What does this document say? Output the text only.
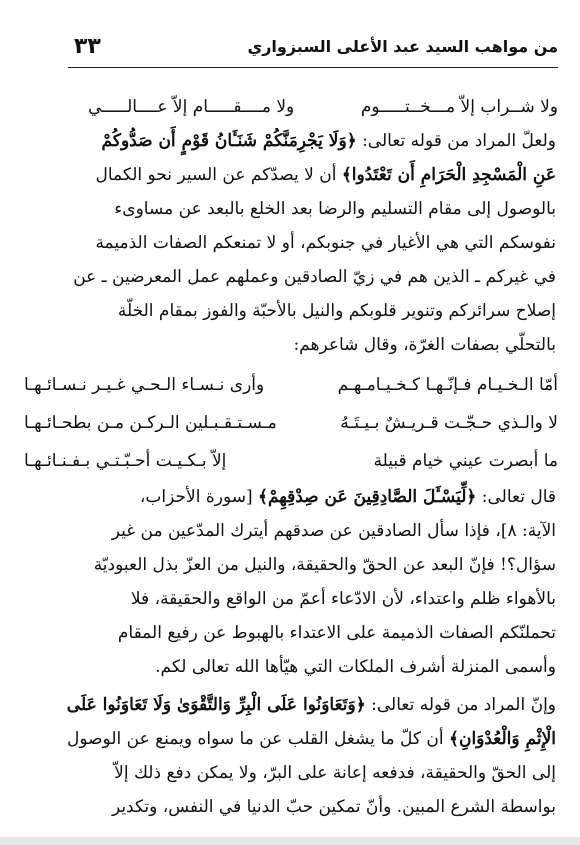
من مواهب السيد عبد الأعلى السبزواري
٣٣
ولا شــراب إلاّ مـــخــتـــــوم
ولا مــــقـــــام إلاّ عــــالـــــي
ولعلّ المراد من قوله تعالى: ﴿وَلَا يَجْرِمَنَّكُمْ شَنَـَٔانُ قَوْمٍ أَن صَدُّوكُمْ
عَنِ الْمَسْجِدِ الْحَرَامِ أَن تَعْتَدُوا﴾ أن لا يصدّكم عن السير نحو الكمال
بالوصول إلى مقام التسليم والرضا بعد الخلع بالبعد عن مساوىء
نفوسكم التي هي الأغيار في جنوبكم، أو لا تمنعكم الصفات الذميمة
في غيركم ـ الذين هم في زيّ الصادقين وعملهم عمل المعرضين ـ عن
إصلاح سرائركم وتنوير قلوبكم والنيل بالأحبّة والفوز بمقام الخلّة
بالتحلّي بصفات الغرّة، وقال شاعرهم:
أمّا الـخـيـام فـإنّـهـا كـخـيـامـهـم
وأرى نـسـاء الـحـي غـيـر نـسـائـهـا
لا والـذي حـجّـت قـريـشٌ بـيـتَـهُ
مـسـتـقـبـلين الـركـن مـن بطحـائـهـا
ما أبصرت عيني خيام قبيلة
إلاّ بـكـيـت أحـبّـتـي بـفـنـائـهـا
قال تعالى: ﴿لِّيَسْـَٔلَ الصَّادِقِينَ عَن صِدْقِهِمْ﴾ [سورة الأحزاب،
الآية: ٨]، فإذا سأل الصادقين عن صدقهم أيترك المدّعين من غير
سؤال؟! فإنّ البعد عن الحقّ والحقيقة، والنيل من العزّ بذل العبوديّة
بالأهواء ظلم واعتداء، لأن الادّعاء أعمّ من الواقع والحقيقة، فلا
تحملنّكم الصفات الذميمة على الاعتداء بالهبوط عن رفيع المقام
وأسمى المنزلة أشرف الملكات التي هيّأها الله تعالى لكم.
وإنّ المراد من قوله تعالى: ﴿وَتَعَاوَنُوا عَلَى الْبِرِّ وَالتَّقْوَىٰ وَلَا تَعَاوَنُوا عَلَى
الْإِثْمِ وَالْعُدْوَانِ﴾ أن كلّ ما يشغل القلب عن ما سواه ويمنع عن الوصول
إلى الحقّ والحقيقة، فدفعه إعانة على البرّ، ولا يمكن دفع ذلك إلاّ
بواسطة الشرع المبين. وأنّ تمكين حبّ الدنيا في النفس، وتكدير
